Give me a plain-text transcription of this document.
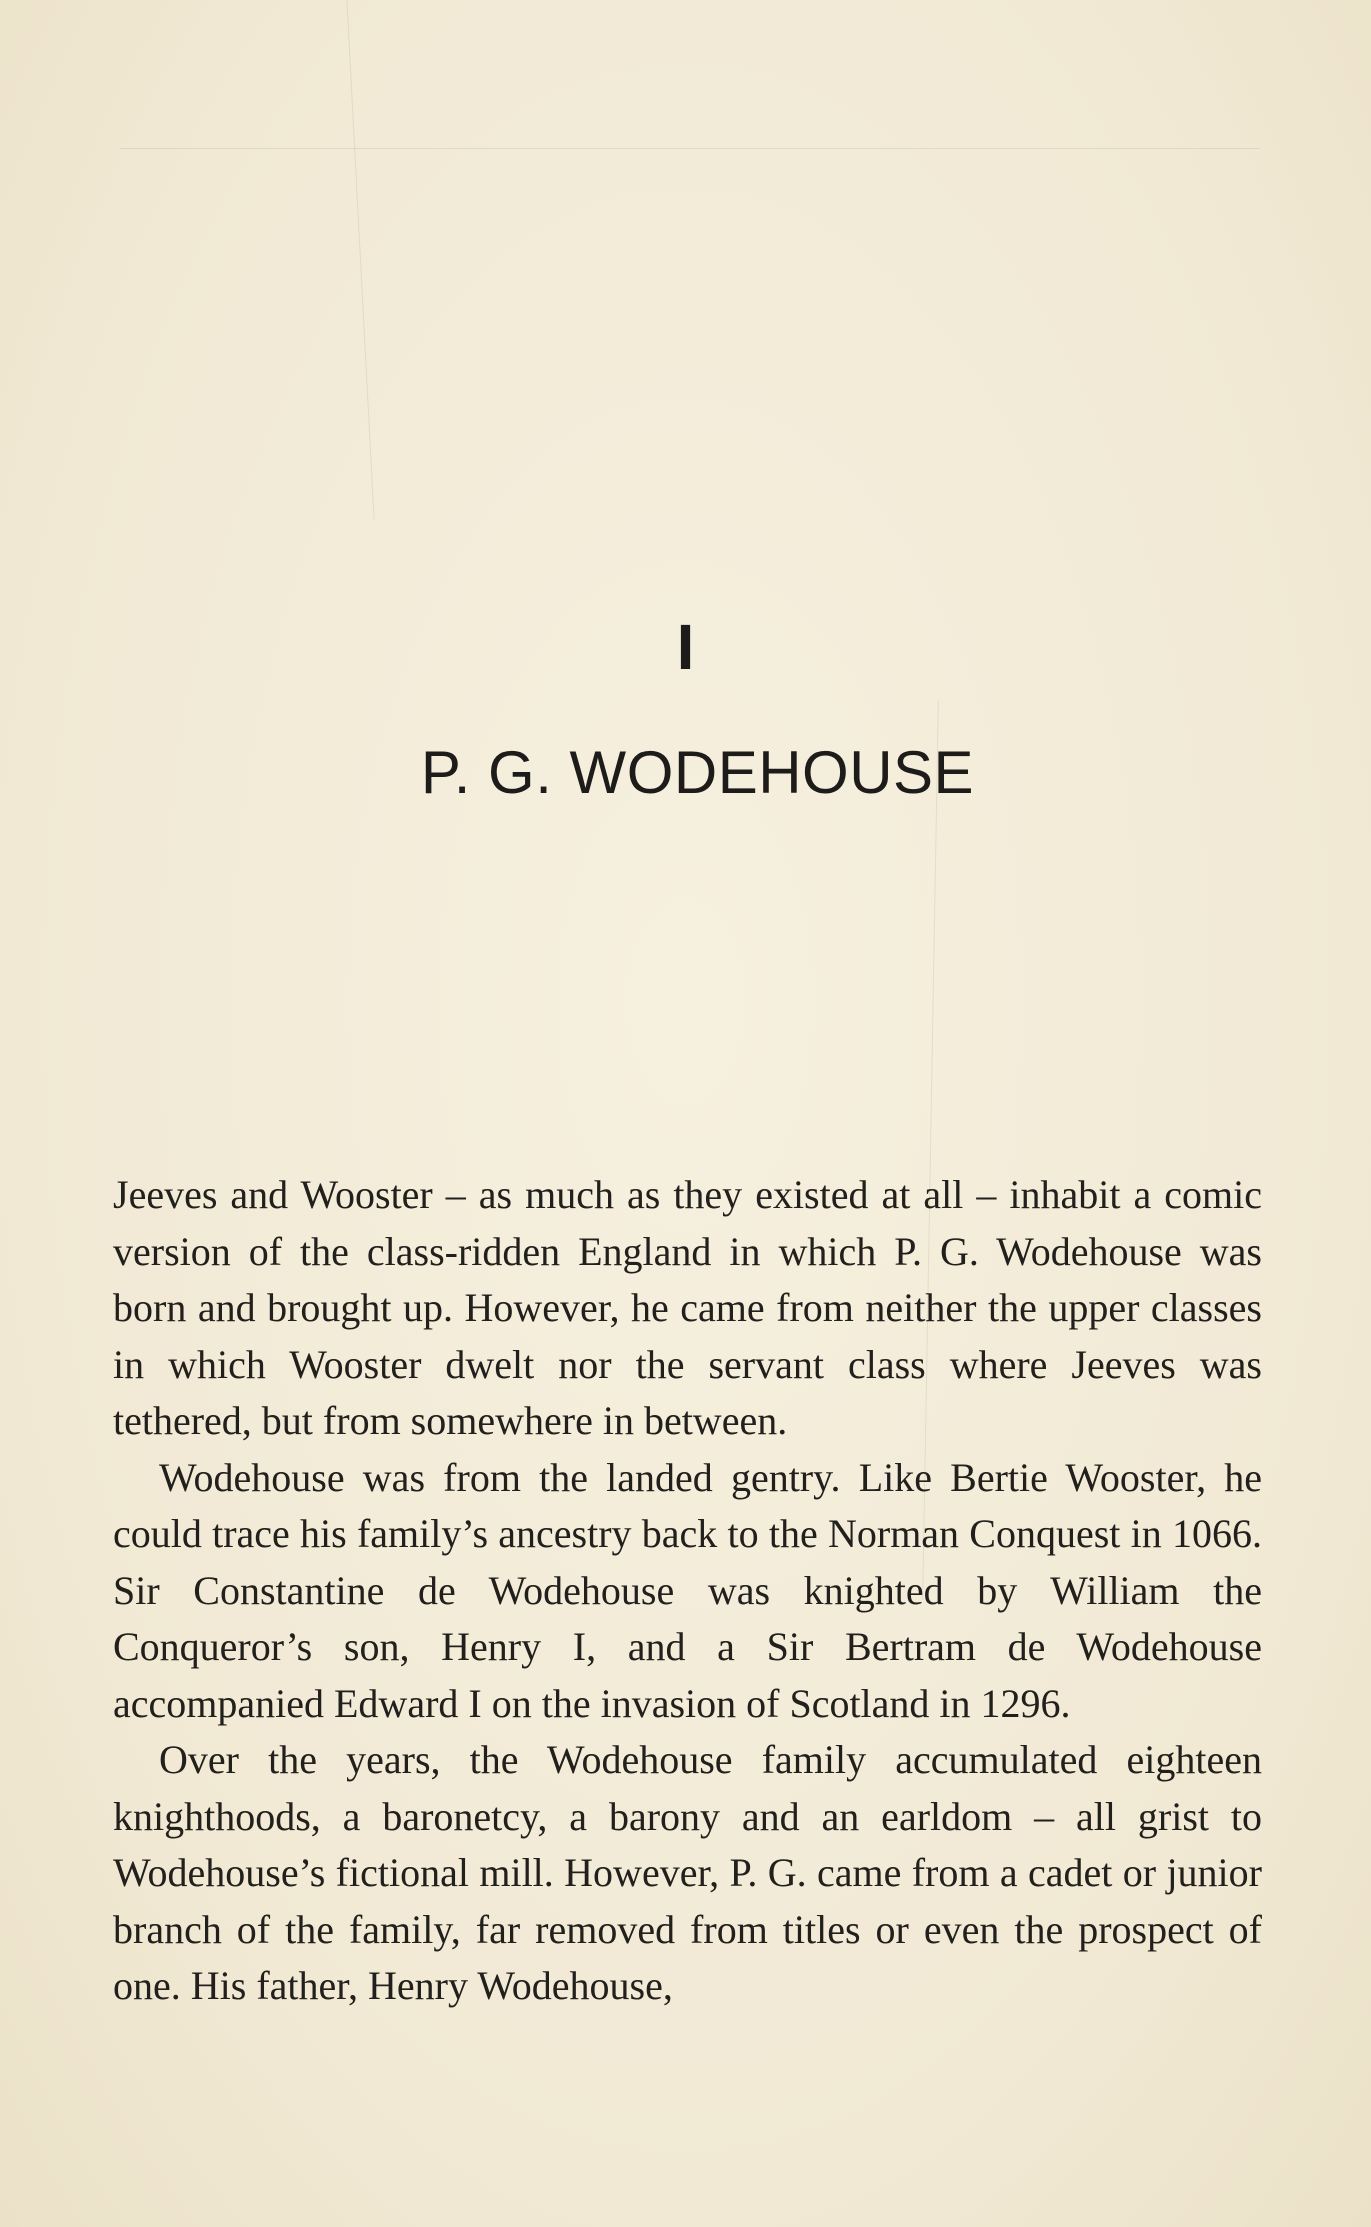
I
P. G. WODEHOUSE

Jeeves and Wooster – as much as they existed at all – inhabit a comic version of the class-ridden England in which P. G. Wodehouse was born and brought up. However, he came from neither the upper classes in which Wooster dwelt nor the servant class where Jeeves was tethered, but from somewhere in between.

Wodehouse was from the landed gentry. Like Bertie Wooster, he could trace his family’s ancestry back to the Norman Conquest in 1066. Sir Constantine de Wodehouse was knighted by William the Conqueror’s son, Henry I, and a Sir Bertram de Wodehouse accompanied Edward I on the invasion of Scotland in 1296.

Over the years, the Wodehouse family accumulated eighteen knighthoods, a baronetcy, a barony and an earldom – all grist to Wodehouse’s fictional mill. However, P. G. came from a cadet or junior branch of the family, far removed from titles or even the prospect of one. His father, Henry Wodehouse,
